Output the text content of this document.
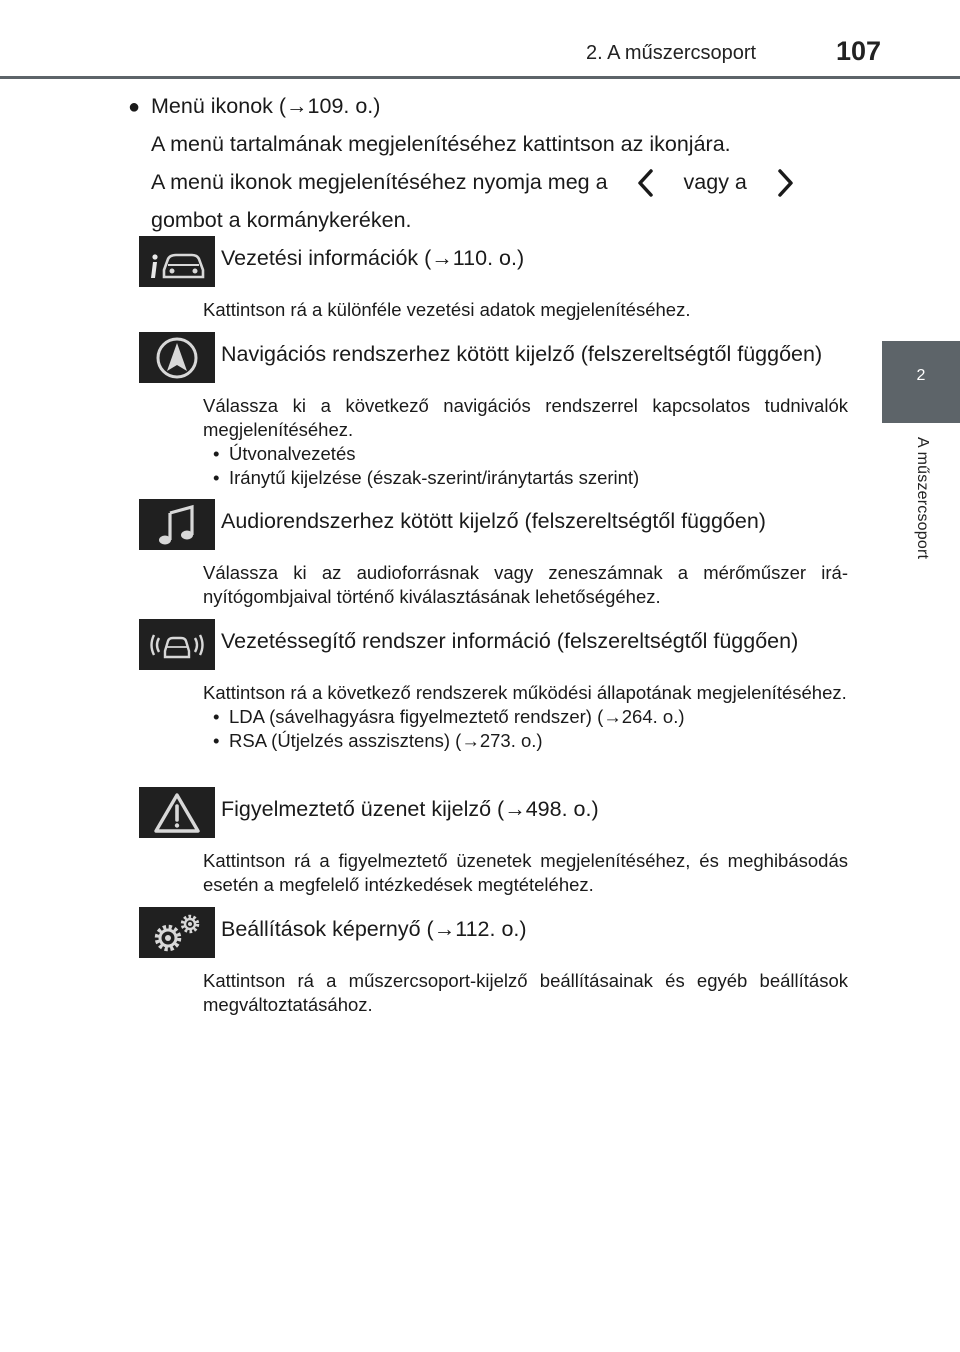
2. A műszercsoport	107
2
A műszercsoport
● Menü ikonok (→109. o.)

A menü tartalmának megjelenítéséhez kattintson az ikonjára.

A menü ikonok megjelenítéséhez nyomja meg a	vagy a

gombot a kormánykeréken.

Vezetési információk (→110. o.)
Kattintson rá a különféle vezetési adatok megjelenítéséhez.
Navigációs rendszerhez kötött kijelző (felszereltségtől függően)
Válassza ki a következő navigációs rendszerrel kapcsolatos tudnivalók megjelenítéséhez.
• Útvonalvezetés
• Iránytű kijelzése (észak-szerint/iránytartás szerint)
Audiorendszerhez kötött kijelző (felszereltségtől függően)
Válassza ki az audioforrásnak vagy zeneszámnak a mérőműszer irányítógombjaival történő kiválasztásának lehetőségéhez.
Vezetéssegítő rendszer információ (felszereltségtől függően)
Kattintson rá a következő rendszerek működési állapotának megjelenítéséhez.
• LDA (sávelhagyásra figyelmeztető rendszer) (→264. o.)
• RSA (Útjelzés asszisztens) (→273. o.)
Figyelmeztető üzenet kijelző (→498. o.)
Kattintson rá a figyelmeztető üzenetek megjelenítéséhez, és meghibásodás esetén a megfelelő intézkedések megtételéhez.
Beállítások képernyő (→112. o.)
Kattintson rá a műszercsoport-kijelző beállításainak és egyéb beállítások megváltoztatásához.
